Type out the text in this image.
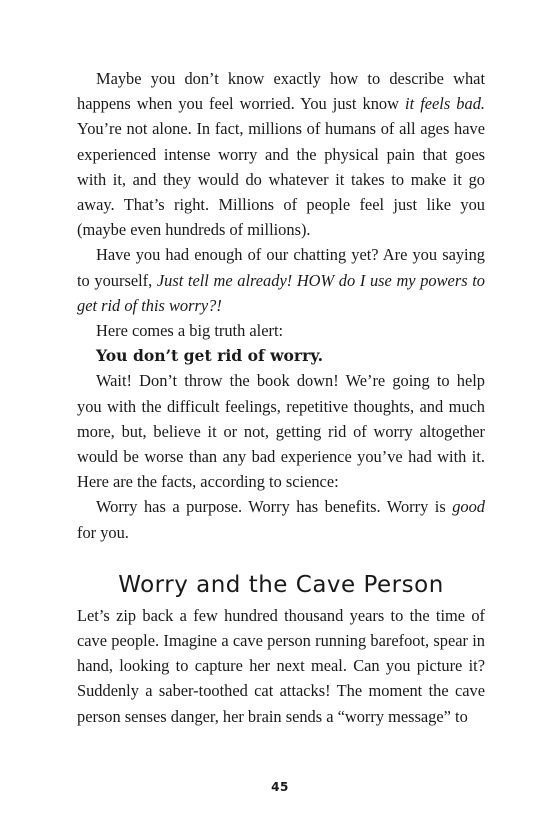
Maybe you don’t know exactly how to describe what happens when you feel worried. You just know it feels bad. You’re not alone. In fact, millions of humans of all ages have experienced intense worry and the physical pain that goes with it, and they would do whatever it takes to make it go away. That’s right. Millions of people feel just like you (maybe even hundreds of millions).

Have you had enough of our chatting yet? Are you saying to yourself, Just tell me already! HOW do I use my powers to get rid of this worry?!

Here comes a big truth alert:

You don’t get rid of worry.

Wait! Don’t throw the book down! We’re going to help you with the difficult feelings, repetitive thoughts, and much more, but, believe it or not, getting rid of worry altogether would be worse than any bad experience you’ve had with it. Here are the facts, according to science:

Worry has a purpose. Worry has benefits. Worry is good for you.

Worry and the Cave Person

Let’s zip back a few hundred thousand years to the time of cave people. Imagine a cave person running barefoot, spear in hand, looking to capture her next meal. Can you picture it? Suddenly a saber-toothed cat attacks! The moment the cave person senses danger, her brain sends a “worry message” to

45
